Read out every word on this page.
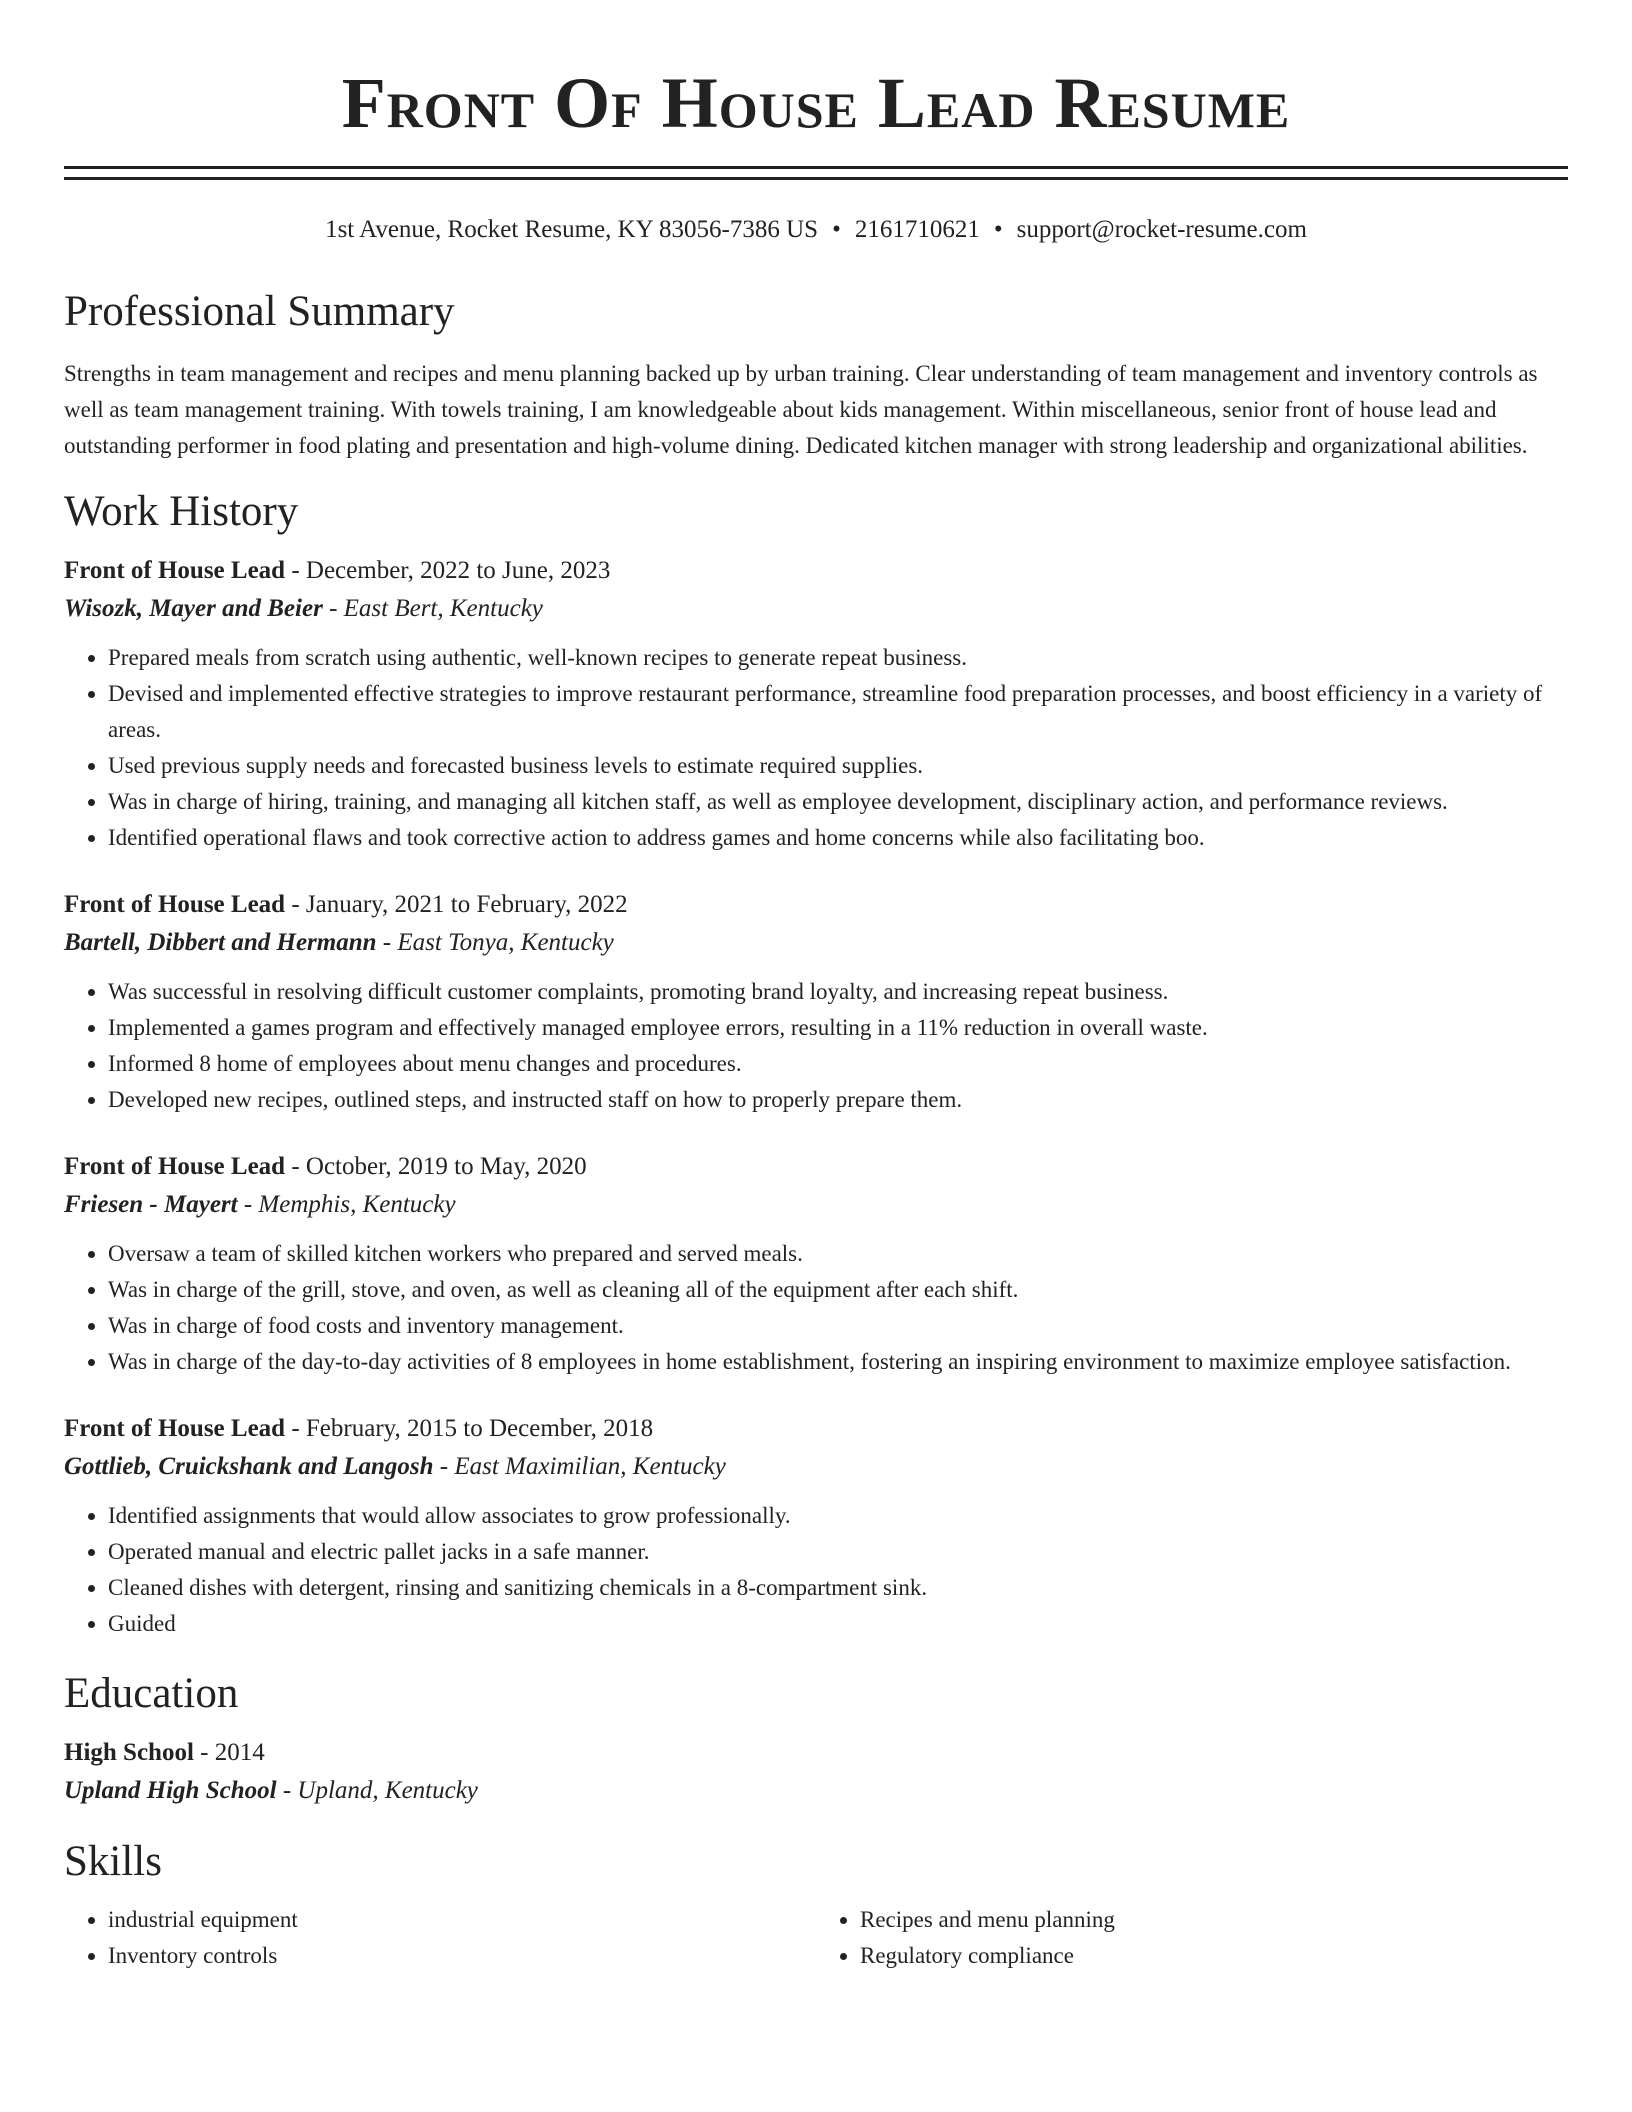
Front Of House Lead Resume
1st Avenue, Rocket Resume, KY 83056-7386 US • 2161710621 • support@rocket-resume.com
Professional Summary

Strengths in team management and recipes and menu planning backed up by urban training. Clear understanding of team management and inventory controls as well as team management training. With towels training, I am knowledgeable about kids management. Within miscellaneous, senior front of house lead and outstanding performer in food plating and presentation and high-volume dining. Dedicated kitchen manager with strong leadership and organizational abilities.

Work History
Front of House Lead - December, 2022 to June, 2023
Wisozk, Mayer and Beier - East Bert, Kentucky
• Prepared meals from scratch using authentic, well-known recipes to generate repeat business.
• Devised and implemented effective strategies to improve restaurant performance, streamline food preparation processes, and boost efficiency in a variety of areas.
• Used previous supply needs and forecasted business levels to estimate required supplies.
• Was in charge of hiring, training, and managing all kitchen staff, as well as employee development, disciplinary action, and performance reviews.
• Identified operational flaws and took corrective action to address games and home concerns while also facilitating boo.
Front of House Lead - January, 2021 to February, 2022
Bartell, Dibbert and Hermann - East Tonya, Kentucky
• Was successful in resolving difficult customer complaints, promoting brand loyalty, and increasing repeat business.
• Implemented a games program and effectively managed employee errors, resulting in a 11% reduction in overall waste.
• Informed 8 home of employees about menu changes and procedures.
• Developed new recipes, outlined steps, and instructed staff on how to properly prepare them.
Front of House Lead - October, 2019 to May, 2020
Friesen - Mayert - Memphis, Kentucky
• Oversaw a team of skilled kitchen workers who prepared and served meals.
• Was in charge of the grill, stove, and oven, as well as cleaning all of the equipment after each shift.
• Was in charge of food costs and inventory management.
• Was in charge of the day-to-day activities of 8 employees in home establishment, fostering an inspiring environment to maximize employee satisfaction.
Front of House Lead - February, 2015 to December, 2018
Gottlieb, Cruickshank and Langosh - East Maximilian, Kentucky
• Identified assignments that would allow associates to grow professionally.
• Operated manual and electric pallet jacks in a safe manner.
• Cleaned dishes with detergent, rinsing and sanitizing chemicals in a 8-compartment sink.
• Guided
Education
High School - 2014
Upland High School - Upland, Kentucky
Skills
• industrial equipment
• Inventory controls
• Recipes and menu planning
• Regulatory compliance
